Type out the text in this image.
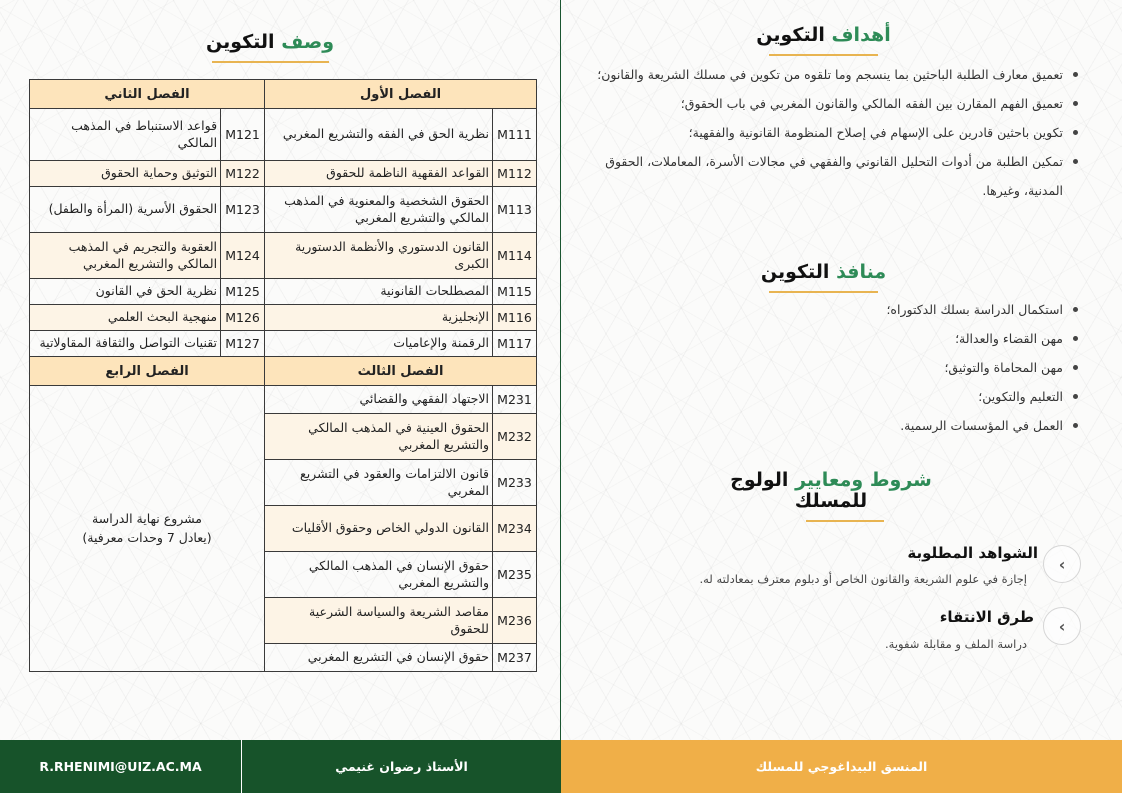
وصف التكوين
الفصل الأول		الفصل الثاني	
M111	نظرية الحق في الفقه والتشريع المغربي	M121	قواعد الاستنباط في المذهب المالكي
M112	القواعد الفقهية الناظمة للحقوق	M122	التوثيق وحماية الحقوق
M113	الحقوق الشخصية والمعنوية في المذهب المالكي والتشريع المغربي	M123	الحقوق الأسرية (المرأة والطفل)
M114	القانون الدستوري والأنظمة الدستورية الكبرى	M124	العقوبة والتجريم في المذهب المالكي والتشريع المغربي
M115	المصطلحات القانونية	M125	نظرية الحق في القانون
M116	الإنجليزية	M126	منهجية البحث العلمي
M117	الرقمنة والإعاميات	M127	تقنيات التواصل والثقافة المقاولاتية
الفصل الثالث		الفصل الرابع	
M231	الاجتهاد الفقهي والقضائي	مشروع نهاية الدراسة
(يعادل 7 وحدات معرفية)	

M232	الحقوق العينية في المذهب المالكي والتشريع المغربي		
M233	قانون الالتزامات والعقود في التشريع المغربي		
M234	القانون الدولي الخاص وحقوق الأقليات		
M235	حقوق الإنسان في المذهب المالكي والتشريع المغربي		
M236	مقاصد الشريعة والسياسة الشرعية للحقوق		
M237	حقوق الإنسان في التشريع المغربي		
أهداف التكوين
تعميق معارف الطلبة الباحثين بما ينسجم وما تلقوه من تكوين في مسلك الشريعة والقانون؛
تعميق الفهم المقارن بين الفقه المالكي والقانون المغربي في باب الحقوق؛
تكوين باحثين قادرين على الإسهام في إصلاح المنظومة القانونية والفقهية؛
تمكين الطلبة من أدوات التحليل القانوني والفقهي في مجالات الأسرة، المعاملات، الحقوق المدنية، وغيرها.
منافذ التكوين
استكمال الدراسة بسلك الدكتوراه؛
مهن القضاء والعدالة؛
مهن المحاماة والتوثيق؛
التعليم والتكوين؛
العمل في المؤسسات الرسمية.
شروط ومعايير الولوج
للمسلك
‹
الشواهد المطلوبة
إجازة في علوم الشريعة والقانون الخاص أو دبلوم معترف بمعادلته له.
‹
طرق الانتقاء
دراسة الملف و مقابلة شفوية.
R.RHENIMI@UIZ.AC.MA	الأستاذ رضوان غنيمي	المنسق البيداغوجي للمسلك
